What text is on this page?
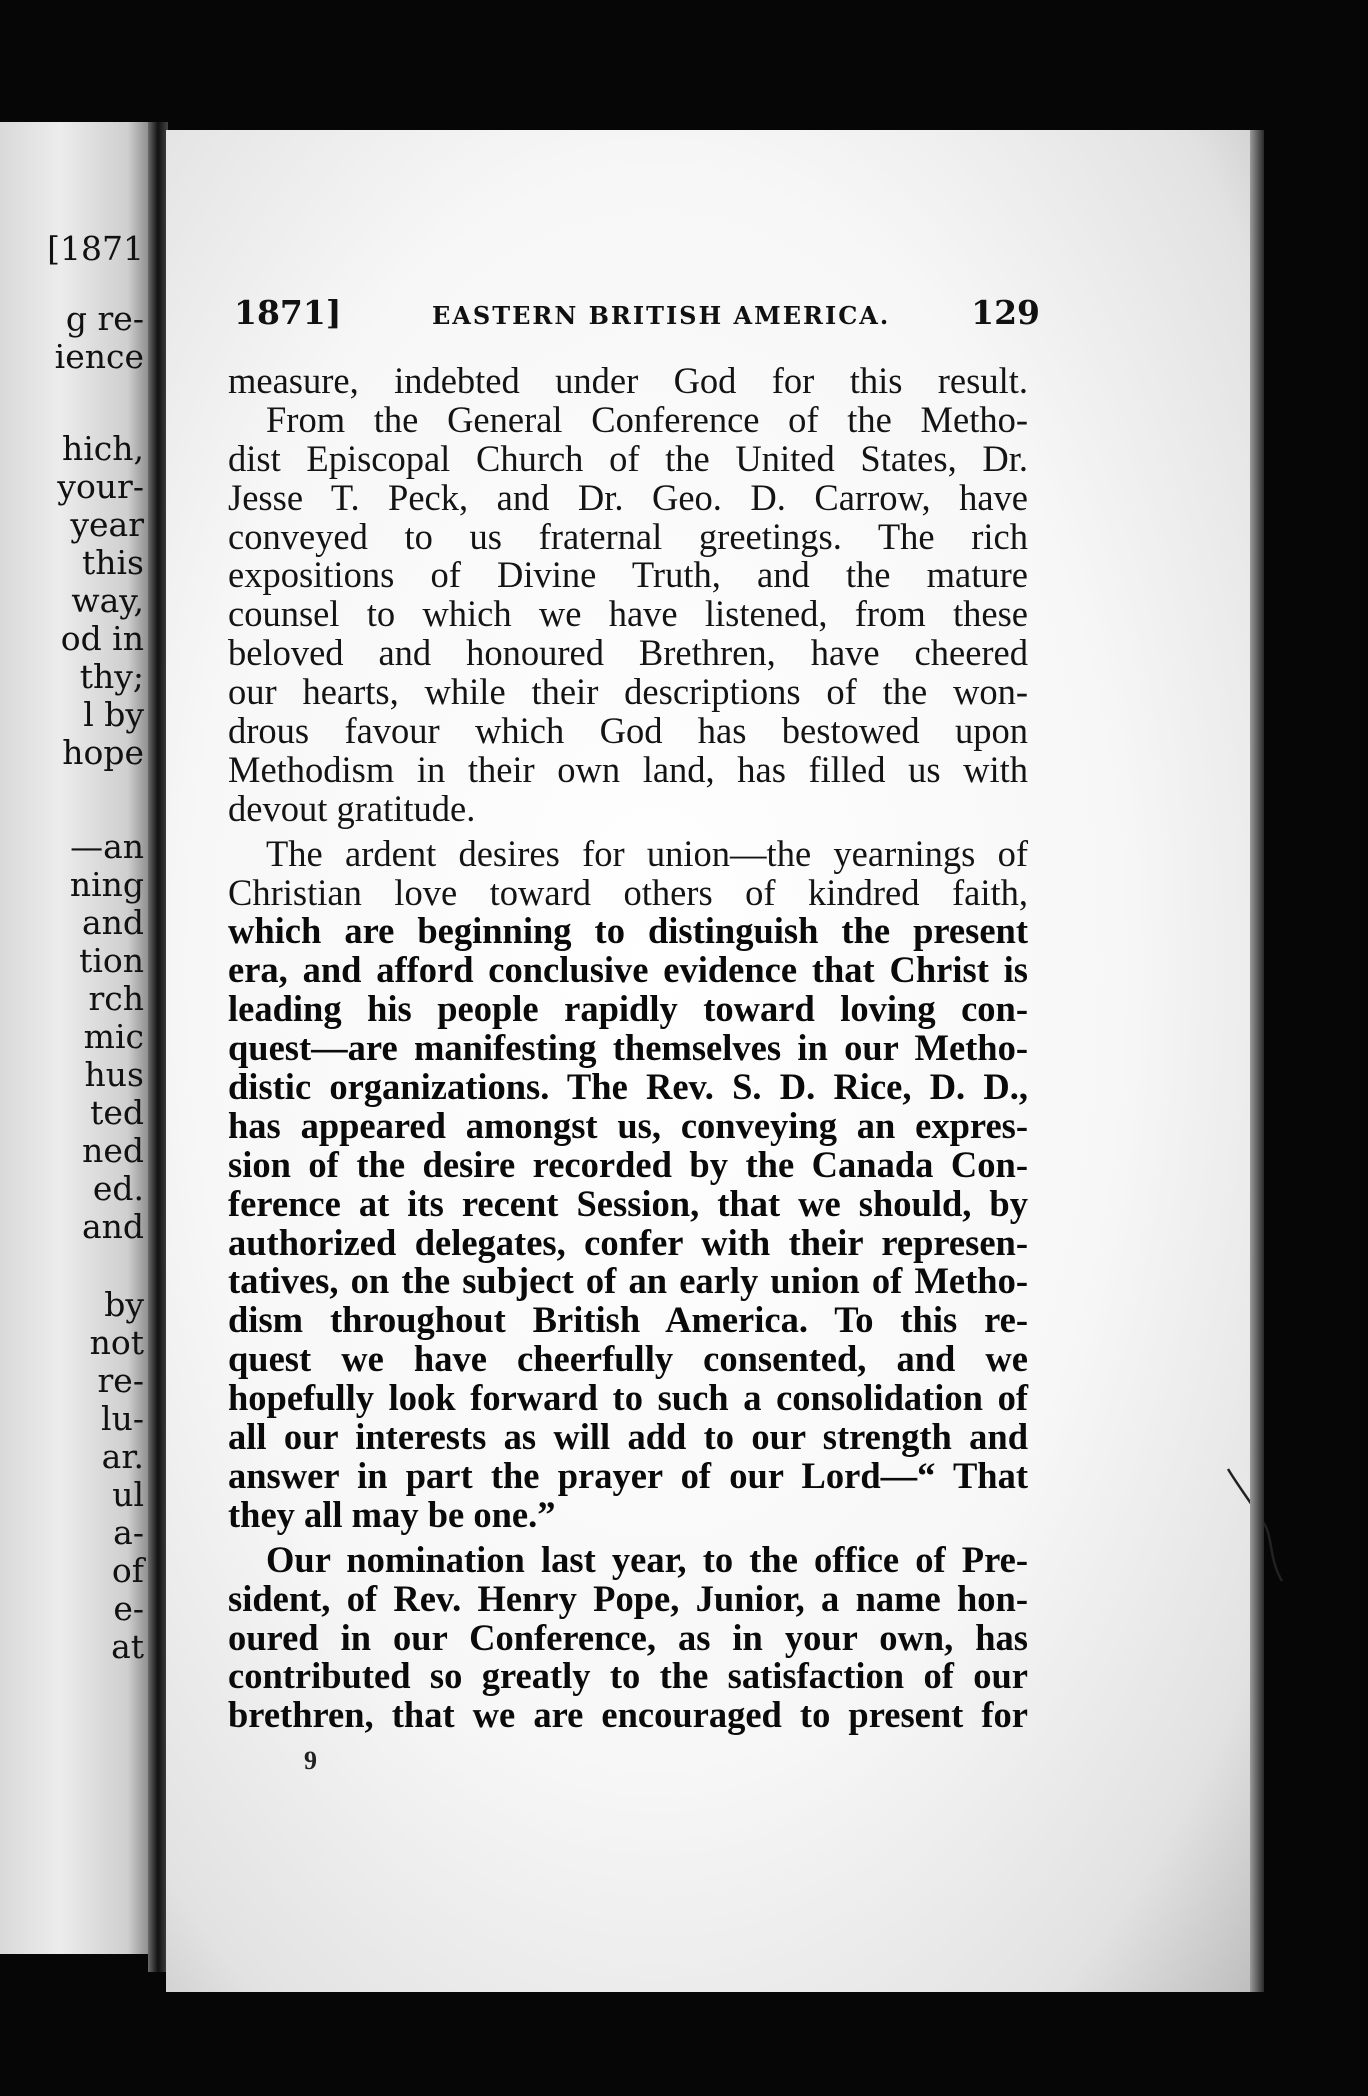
[1871
g re-
ience
hich,
your-
year
this
way,
od in
thy;
l by
hope
—an
ning
and
tion
rch
mic
hus
ted
ned
ed.
and
by
not
re-
lu-
ar.
ul
a-
of
e-
at
1871]	EASTERN BRITISH AMERICA. 129
measure, indebted under God for this result.
From the General Conference of the Metho-
dist Episcopal Church of the United States, Dr.
Jesse T. Peck, and Dr. Geo. D. Carrow, have
conveyed to us fraternal greetings. The rich
expositions of Divine Truth, and the mature
counsel to which we have listened, from these
beloved and honoured Brethren, have cheered
our hearts, while their descriptions of the won-
drous favour which God has bestowed upon
Methodism in their own land, has filled us with
devout gratitude.
The ardent desires for union—the yearnings of
Christian love toward others of kindred faith,
which are beginning to distinguish the present
era, and afford conclusive evidence that Christ is
leading his people rapidly toward loving con-
quest—are manifesting themselves in our Metho-
distic organizations. The Rev. S. D. Rice, D. D.,
has appeared amongst us, conveying an expres-
sion of the desire recorded by the Canada Con-
ference at its recent Session, that we should, by
authorized delegates, confer with their represen-
tatives, on the subject of an early union of Metho-
dism throughout British America. To this re-
quest we have cheerfully consented, and we
hopefully look forward to such a consolidation of
all our interests as will add to our strength and
answer in part the prayer of our Lord—“ That
they all may be one.”
Our nomination last year, to the office of Pre-
sident, of Rev. Henry Pope, Junior, a name hon-
oured in our Conference, as in your own, has
contributed so greatly to the satisfaction of our
brethren, that we are encouraged to present for
9
